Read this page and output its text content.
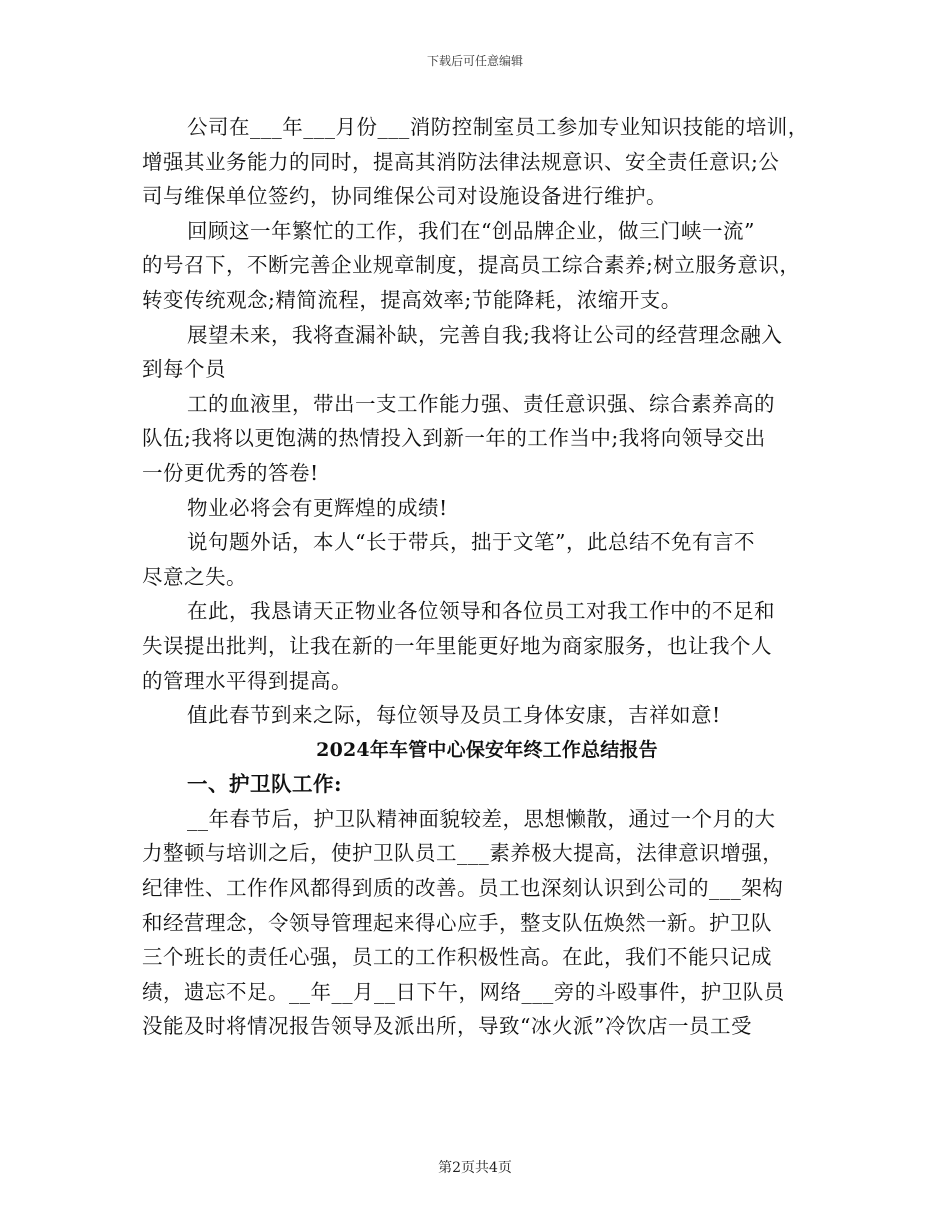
下载后可任意编辑
公司在___年___月份___消防控制室员工参加专业知识技能的培训，
增强其业务能力的同时，提高其消防法律法规意识、安全责任意识;公
司与维保单位签约，协同维保公司对设施设备进行维护。
回顾这一年繁忙的工作，我们在“创品牌企业，做三门峡一流”
的号召下，不断完善企业规章制度，提高员工综合素养;树立服务意识，
转变传统观念;精简流程，提高效率;节能降耗，浓缩开支。
展望未来，我将查漏补缺，完善自我;我将让公司的经营理念融入
到每个员
工的血液里，带出一支工作能力强、责任意识强、综合素养高的
队伍;我将以更饱满的热情投入到新一年的工作当中;我将向领导交出
一份更优秀的答卷!
物业必将会有更辉煌的成绩!
说句题外话，本人“长于带兵，拙于文笔”，此总结不免有言不
尽意之失。
在此，我恳请天正物业各位领导和各位员工对我工作中的不足和
失误提出批判，让我在新的一年里能更好地为商家服务，也让我个人
的管理水平得到提高。
值此春节到来之际，每位领导及员工身体安康，吉祥如意!
2024年车管中心保安年终工作总结报告
一、护卫队工作:
__年春节后，护卫队精神面貌较差，思想懒散，通过一个月的大
力整顿与培训之后，使护卫队员工___素养极大提高，法律意识增强，
纪律性、工作作风都得到质的改善。员工也深刻认识到公司的___架构
和经营理念，令领导管理起来得心应手，整支队伍焕然一新。护卫队
三个班长的责任心强，员工的工作积极性高。在此，我们不能只记成
绩，遗忘不足。__年__月__日下午，网络___旁的斗殴事件，护卫队员
没能及时将情况报告领导及派出所，导致“冰火派”冷饮店一员工受
第2页共4页
